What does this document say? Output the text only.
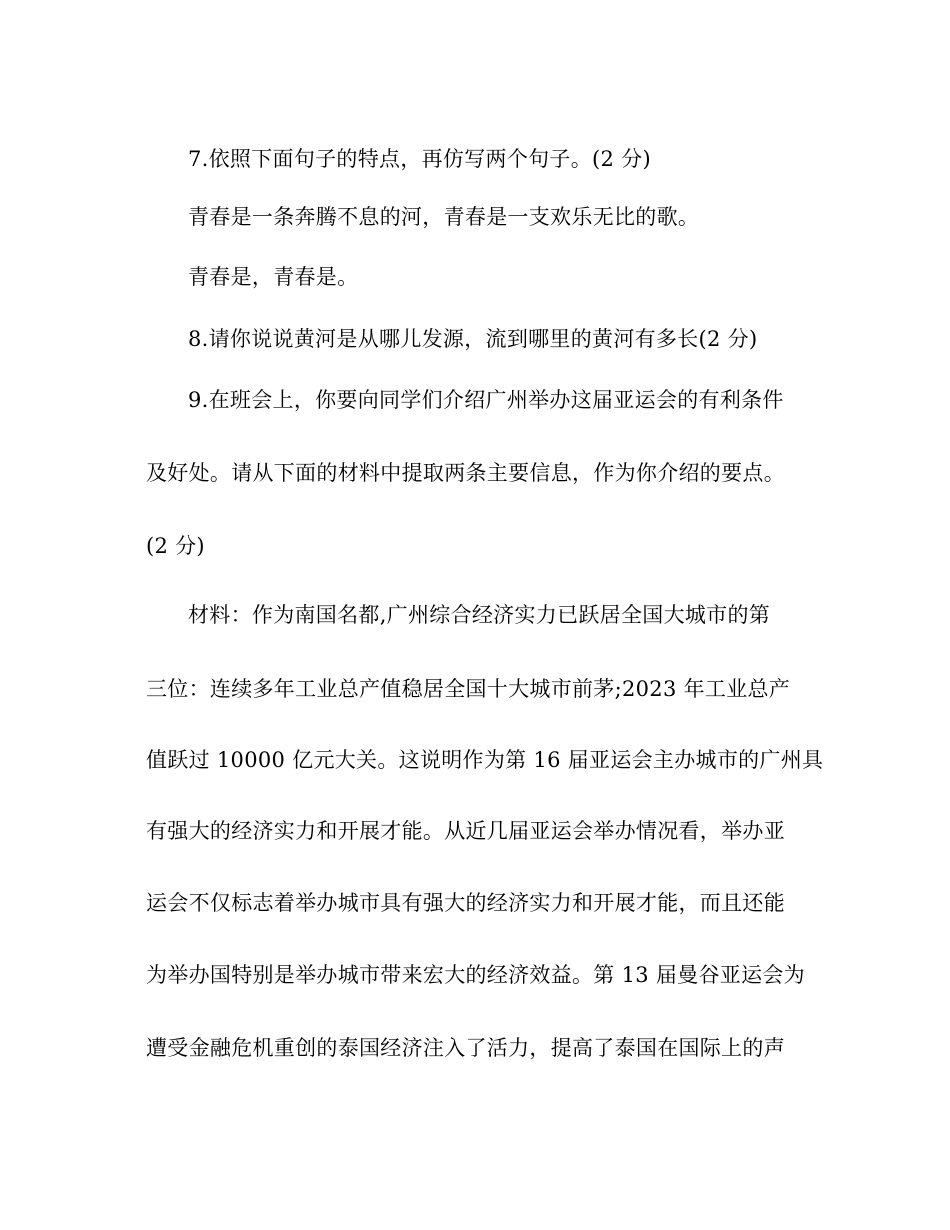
7.依照下面句子的特点，再仿写两个句子。(2 分)
青春是一条奔腾不息的河，青春是一支欢乐无比的歌。
青春是，青春是。
8.请你说说黄河是从哪儿发源，流到哪里的黄河有多长(2 分)
9.在班会上，你要向同学们介绍广州举办这届亚运会的有利条件
及好处。请从下面的材料中提取两条主要信息，作为你介绍的要点。
(2 分)
材料：作为南国名都,广州综合经济实力已跃居全国大城市的第
三位：连续多年工业总产值稳居全国十大城市前茅;2023 年工业总产
值跃过 10000 亿元大关。这说明作为第 16 届亚运会主办城市的广州具
有强大的经济实力和开展才能。从近几届亚运会举办情况看，举办亚
运会不仅标志着举办城市具有强大的经济实力和开展才能，而且还能
为举办国特别是举办城市带来宏大的经济效益。第 13 届曼谷亚运会为
遭受金融危机重创的泰国经济注入了活力，提高了泰国在国际上的声
